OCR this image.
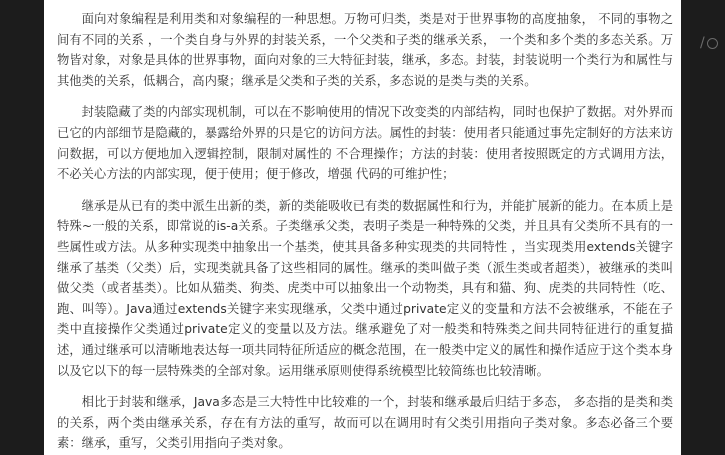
面向对象编程是利用类和对象编程的一种思想。万物可归类，类是对于世界事物的高度抽象， 不同的事物之间有不同的关系 ，一个类自身与外界的封装关系，一个父类和子类的继承关系， 一个类和多个类的多态关系。万物皆对象，对象是具体的世界事物，面向对象的三大特征封装，继承，多态。封装，封装说明一个类行为和属性与其他类的关系，低耦合，高内聚；继承是父类和子类的关系，多态说的是类与类的关系。

封装隐藏了类的内部实现机制，可以在不影响使用的情况下改变类的内部结构，同时也保护了数据。对外界而已它的内部细节是隐藏的，暴露给外界的只是它的访问方法。属性的封装：使用者只能通过事先定制好的方法来访问数据，可以方便地加入逻辑控制，限制对属性的 不合理操作；方法的封装：使用者按照既定的方式调用方法，不必关心方法的内部实现，便于使用；便于修改，增强 代码的可维护性；

继承是从已有的类中派生出新的类，新的类能吸收已有类的数据属性和行为，并能扩展新的能力。在本质上是特殊~一般的关系，即常说的is-a关系。子类继承父类，表明子类是一种特殊的父类，并且具有父类所不具有的一些属性或方法。从多种实现类中抽象出一个基类，使其具备多种实现类的共同特性 ，当实现类用extends关键字继承了基类（父类）后，实现类就具备了这些相同的属性。继承的类叫做子类（派生类或者超类），被继承的类叫做父类（或者基类）。比如从猫类、狗类、虎类中可以抽象出一个动物类，具有和猫、狗、虎类的共同特性（吃、跑、叫等）。Java通过extends关键字来实现继承，父类中通过private定义的变量和方法不会被继承，不能在子类中直接操作父类通过private定义的变量以及方法。继承避免了对一般类和特殊类之间共同特征进行的重复描述，通过继承可以清晰地表达每一项共同特征所适应的概念范围，在一般类中定义的属性和操作适应于这个类本身以及它以下的每一层特殊类的全部对象。运用继承原则使得系统模型比较简练也比较清晰。

相比于封装和继承，Java多态是三大特性中比较难的一个，封装和继承最后归结于多态， 多态指的是类和类的关系，两个类由继承关系，存在有方法的重写，故而可以在调用时有父类引用指向子类对象。多态必备三个要素：继承，重写，父类引用指向子类对象。

/
